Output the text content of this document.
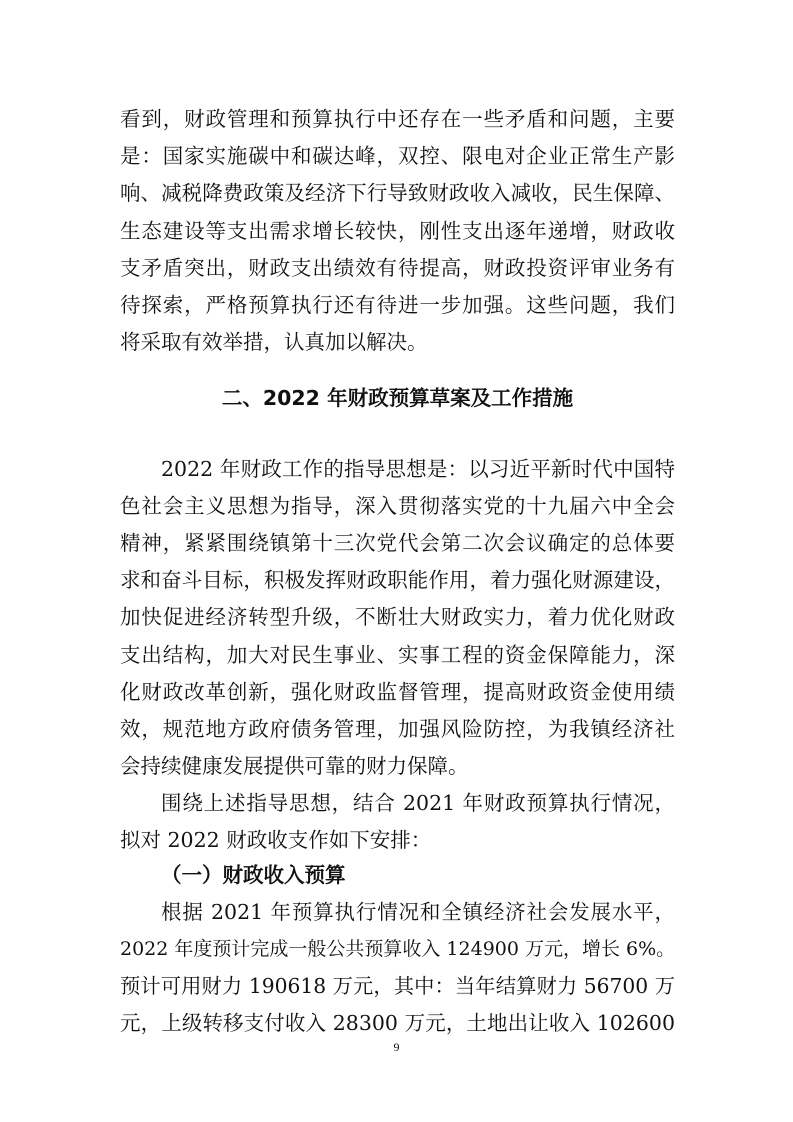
看到，财政管理和预算执行中还存在一些矛盾和问题，主要
是：国家实施碳中和碳达峰，双控、限电对企业正常生产影
响、减税降费政策及经济下行导致财政收入减收，民生保障、
生态建设等支出需求增长较快，刚性支出逐年递增，财政收
支矛盾突出，财政支出绩效有待提高，财政投资评审业务有
待探索，严格预算执行还有待进一步加强。这些问题，我们
将采取有效举措，认真加以解决。
二、2022 年财政预算草案及工作措施
2022 年财政工作的指导思想是：以习近平新时代中国特
色社会主义思想为指导，深入贯彻落实党的十九届六中全会
精神，紧紧围绕镇第十三次党代会第二次会议确定的总体要
求和奋斗目标，积极发挥财政职能作用，着力强化财源建设，
加快促进经济转型升级，不断壮大财政实力，着力优化财政
支出结构，加大对民生事业、实事工程的资金保障能力，深
化财政改革创新，强化财政监督管理，提高财政资金使用绩
效，规范地方政府债务管理，加强风险防控，为我镇经济社
会持续健康发展提供可靠的财力保障。
围绕上述指导思想，结合 2021 年财政预算执行情况，
拟对 2022 财政收支作如下安排：
（一）财政收入预算
根据 2021 年预算执行情况和全镇经济社会发展水平，
2022 年度预计完成一般公共预算收入 124900 万元，增长 6%。
预计可用财力 190618 万元，其中：当年结算财力 56700 万
元，上级转移支付收入 28300 万元，土地出让收入 102600
9
